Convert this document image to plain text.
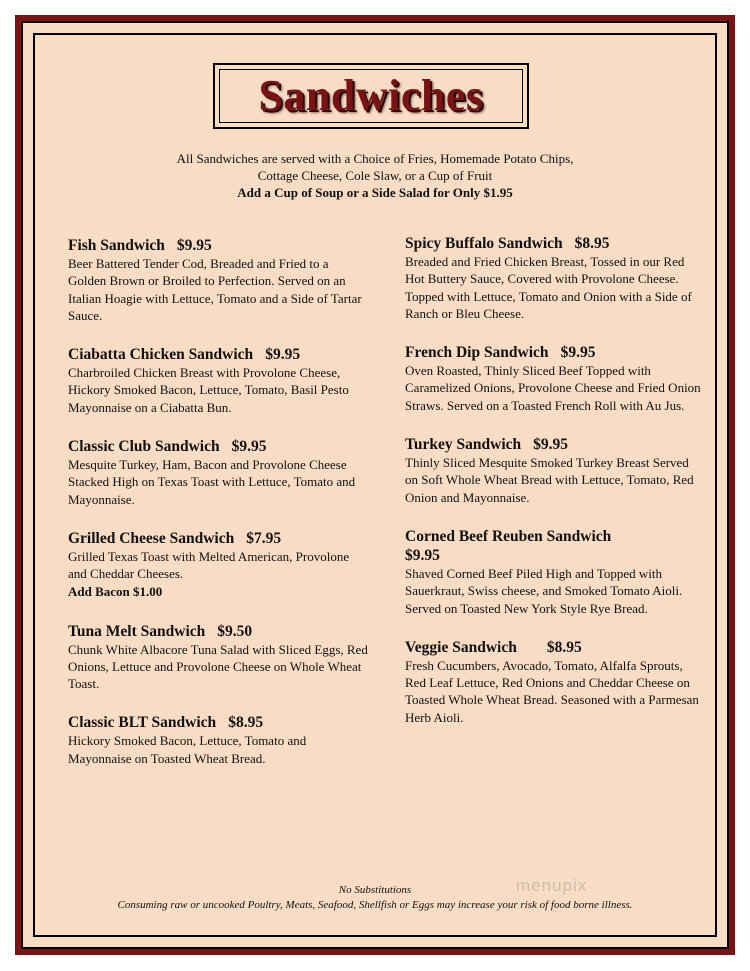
Sandwiches
All Sandwiches are served with a Choice of Fries, Homemade Potato Chips,
Cottage Cheese, Cole Slaw, or a Cup of Fruit
Add a Cup of Soup or a Side Salad for Only $1.95
Fish Sandwich $9.95
Beer Battered Tender Cod, Breaded and Fried to a Golden Brown or Broiled to Perfection. Served on an Italian Hoagie with Lettuce, Tomato and a Side of Tartar Sauce.
Ciabatta Chicken Sandwich $9.95
Charbroiled Chicken Breast with Provolone Cheese, Hickory Smoked Bacon, Lettuce, Tomato, Basil Pesto Mayonnaise on a Ciabatta Bun.
Classic Club Sandwich $9.95
Mesquite Turkey, Ham, Bacon and Provolone Cheese Stacked High on Texas Toast with Lettuce, Tomato and Mayonnaise.
Grilled Cheese Sandwich $7.95
Grilled Texas Toast with Melted American, Provolone and Cheddar Cheeses.
Add Bacon $1.00
Tuna Melt Sandwich $9.50
Chunk White Albacore Tuna Salad with Sliced Eggs, Red Onions, Lettuce and Provolone Cheese on Whole Wheat Toast.
Classic BLT Sandwich $8.95
Hickory Smoked Bacon, Lettuce, Tomato and Mayonnaise on Toasted Wheat Bread.
Spicy Buffalo Sandwich $8.95
Breaded and Fried Chicken Breast, Tossed in our Red Hot Buttery Sauce, Covered with Provolone Cheese. Topped with Lettuce, Tomato and Onion with a Side of Ranch or Bleu Cheese.
French Dip Sandwich $9.95
Oven Roasted, Thinly Sliced Beef Topped with Caramelized Onions, Provolone Cheese and Fried Onion Straws. Served on a Toasted French Roll with Au Jus.
Turkey Sandwich $9.95
Thinly Sliced Mesquite Smoked Turkey Breast Served on Soft Whole Wheat Bread with Lettuce, Tomato, Red Onion and Mayonnaise.
Corned Beef Reuben Sandwich
$9.95
Shaved Corned Beef Piled High and Topped with Sauerkraut, Swiss cheese, and Smoked Tomato Aioli. Served on Toasted New York Style Rye Bread.
Veggie Sandwich $8.95
Fresh Cucumbers, Avocado, Tomato, Alfalfa Sprouts, Red Leaf Lettuce, Red Onions and Cheddar Cheese on Toasted Whole Wheat Bread. Seasoned with a Parmesan Herb Aioli.
No Substitutions
Consuming raw or uncooked Poultry, Meats, Seafood, Shellfish or Eggs may increase your risk of food borne illness.
menupix
